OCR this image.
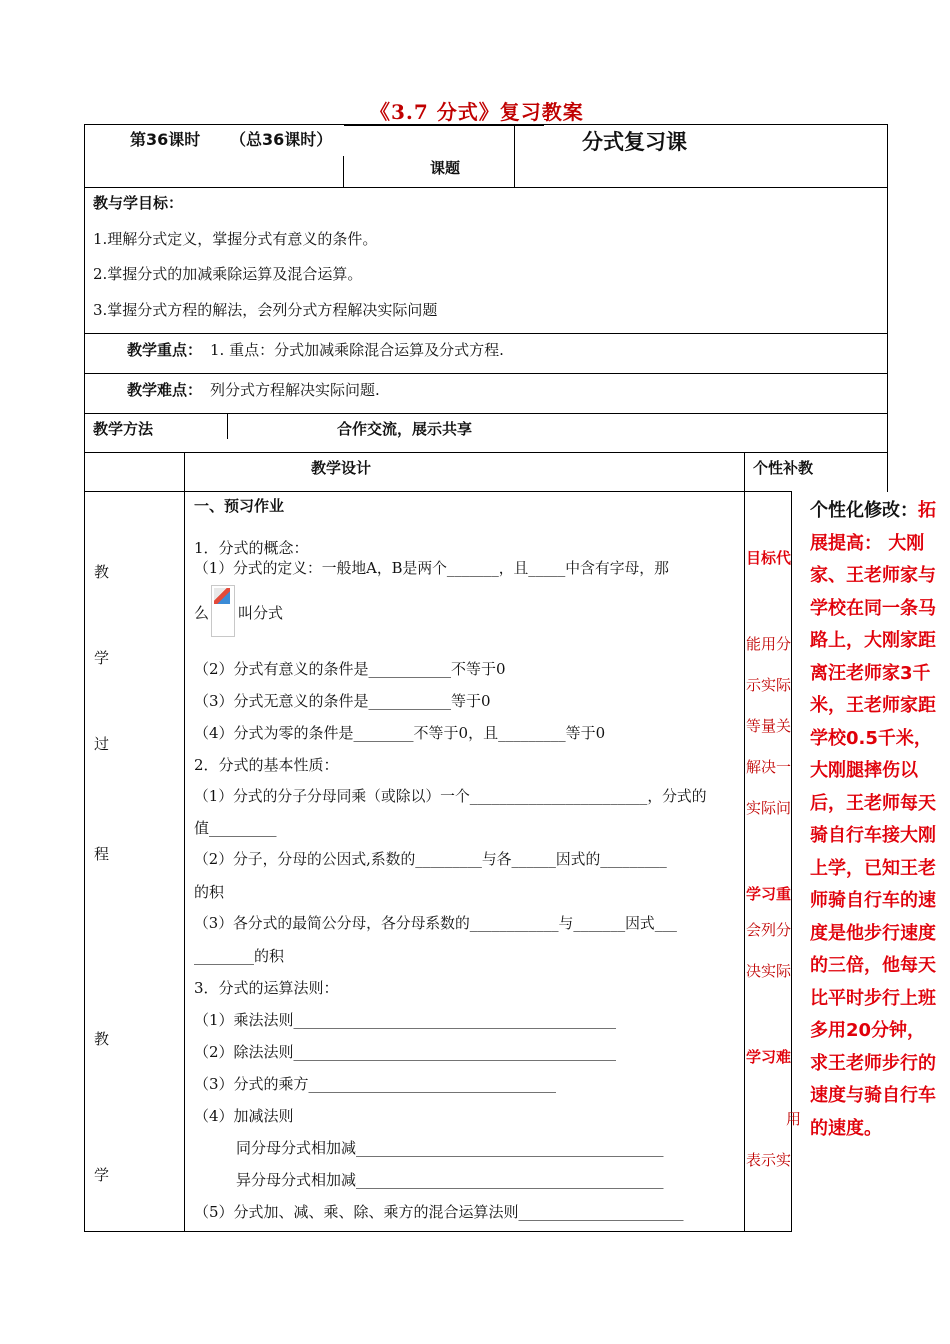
《3.7 分式》复习教案
第36课时 （总36课时）
课题
分式复习课
教与学目标：
1.理解分式定义，掌握分式有意义的条件。
2.掌握分式的加减乘除运算及混合运算。
3.掌握分式方程的解法，会列分式方程解决实际问题
教学重点： 1. 重点：分式加减乘除混合运算及分式方程.
教学难点： 列分式方程解决实际问题.
教学方法	合作交流，展示共享
教学设计	个性补教
教
学
过
程
教
学
一、预习作业
1．分式的概念：
（1）分式的定义：一般地A，B是两个_______，且_____中含有字母，那
么 叫分式
（2）分式有意义的条件是___________不等于0
（3）分式无意义的条件是___________等于0
（4）分式为零的条件是________不等于0，且_________等于0
2．分式的基本性质：
（1）分式的分子分母同乘（或除以）一个________________________，分式的
值_________
（2）分子，分母的公因式,系数的_________与各______因式的_________
的积
（3）各分式的最简公分母，各分母系数的____________与_______因式___
________的积
3．分式的运算法则：
（1）乘法法则___________________________________________
（2）除法法则___________________________________________
（3）分式的乘方_________________________________
（4）加减法则
同分母分式相加减_________________________________________
异分母分式相加减_________________________________________
（5）分式加、减、乘、除、乘方的混合运算法则______________________
目标代
能用分
示实际
等量关
解决一
实际问
学习重
会列分
决实际
学习难
用
表示实
个性化修改：拓展提高： 大刚家、王老师家与学校在同一条马路上，大刚家距离汪老师家3千米，王老师家距学校0.5千米，大刚腿摔伤以后，王老师每天骑自行车接大刚上学，已知王老师骑自行车的速度是他步行速度的三倍，他每天比平时步行上班多用20分钟，求王老师步行的速度与骑自行车的速度。
